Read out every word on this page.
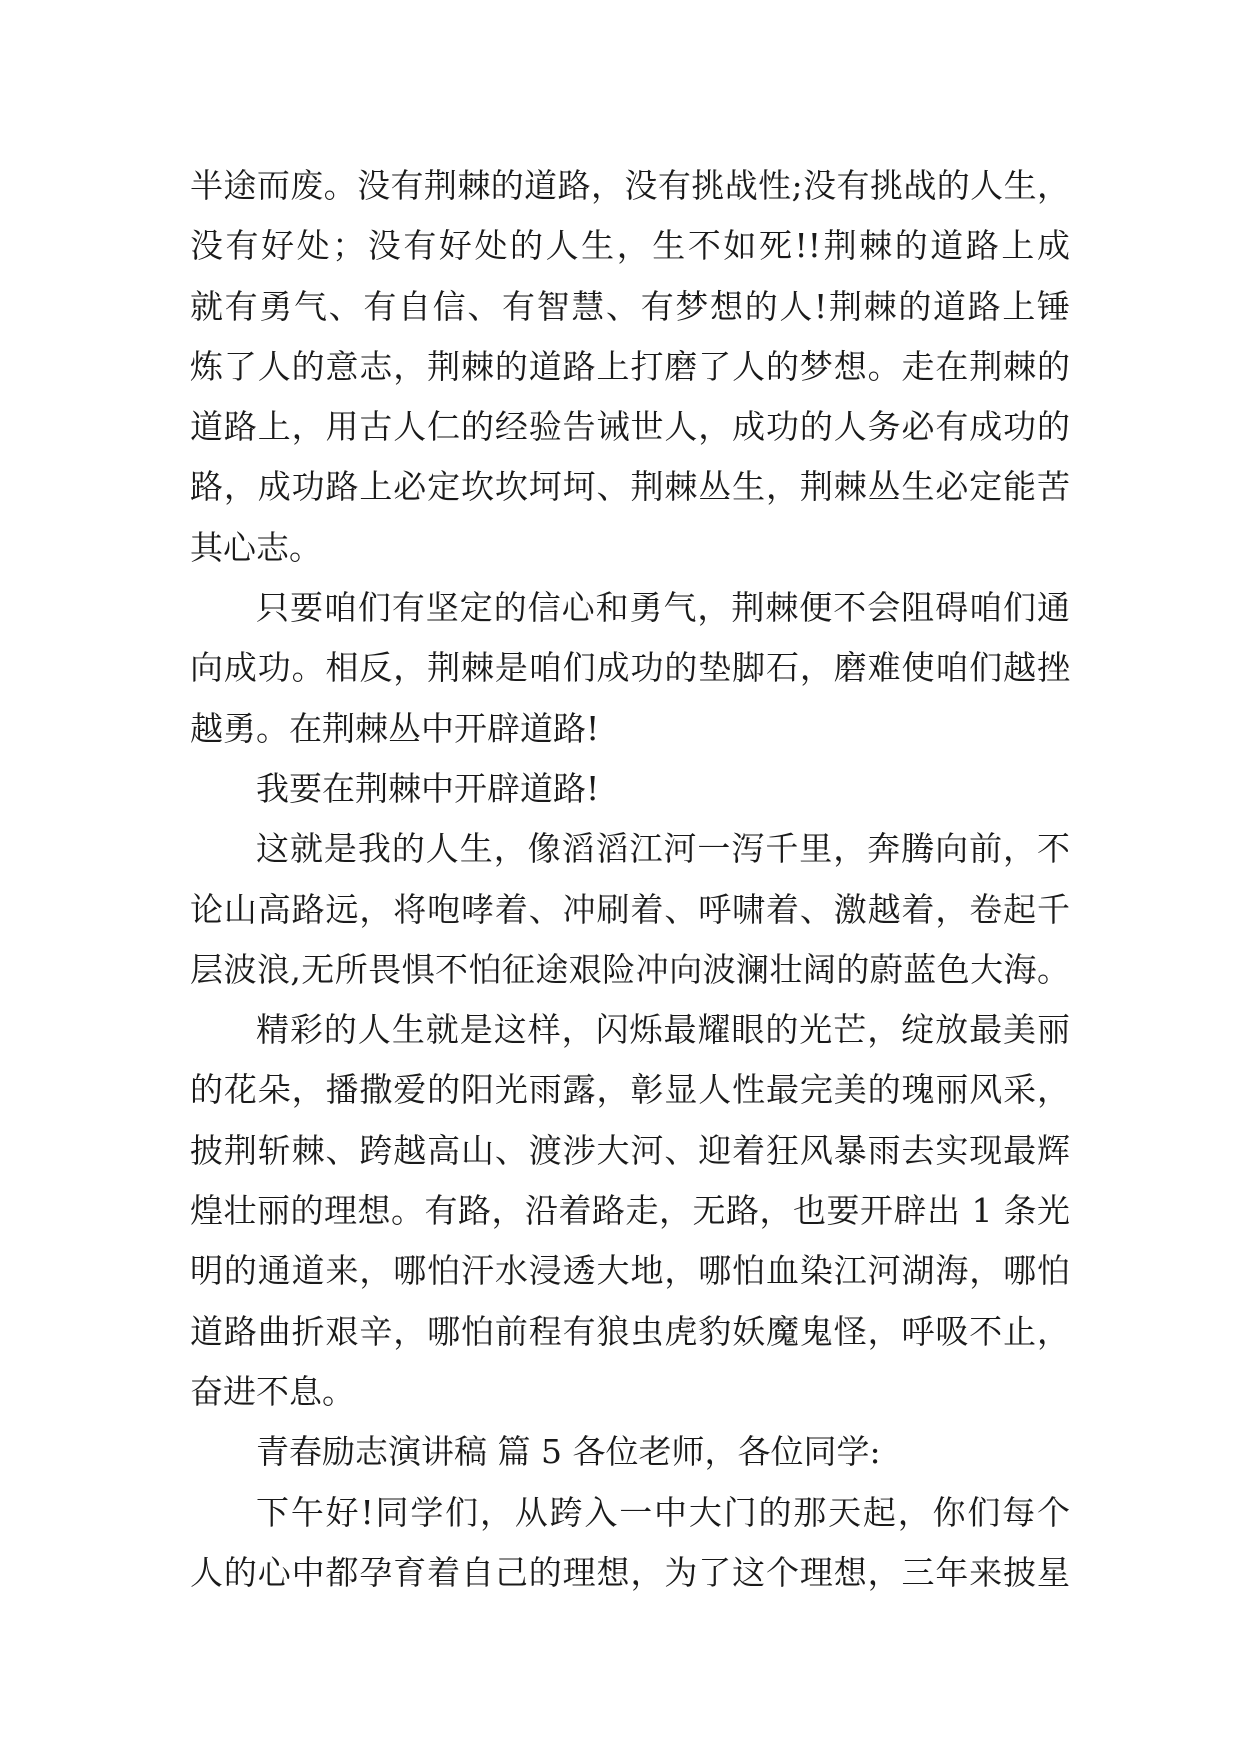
半途而废。没有荆棘的道路，没有挑战性;没有挑战的人生，
没有好处；没有好处的人生，生不如死!!荆棘的道路上成
就有勇气、有自信、有智慧、有梦想的人!荆棘的道路上锤
炼了人的意志，荆棘的道路上打磨了人的梦想。走在荆棘的
道路上，用古人仁的经验告诫世人，成功的人务必有成功的
路，成功路上必定坎坎坷坷、荆棘丛生，荆棘丛生必定能苦
其心志。
只要咱们有坚定的信心和勇气，荆棘便不会阻碍咱们通
向成功。相反，荆棘是咱们成功的垫脚石，磨难使咱们越挫
越勇。在荆棘丛中开辟道路!
我要在荆棘中开辟道路!
这就是我的人生，像滔滔江河一泻千里，奔腾向前，不
论山高路远，将咆哮着、冲刷着、呼啸着、激越着，卷起千
层波浪,无所畏惧不怕征途艰险冲向波澜壮阔的蔚蓝色大海。
精彩的人生就是这样，闪烁最耀眼的光芒，绽放最美丽
的花朵，播撒爱的阳光雨露，彰显人性最完美的瑰丽风采，
披荆斩棘、跨越高山、渡涉大河、迎着狂风暴雨去实现最辉
煌壮丽的理想。有路，沿着路走，无路，也要开辟出 1 条光
明的通道来，哪怕汗水浸透大地，哪怕血染江河湖海，哪怕
道路曲折艰辛，哪怕前程有狼虫虎豹妖魔鬼怪，呼吸不止，
奋进不息。
青春励志演讲稿 篇 5 各位老师，各位同学:
下午好!同学们，从跨入一中大门的那天起，你们每个
人的心中都孕育着自己的理想，为了这个理想，三年来披星
